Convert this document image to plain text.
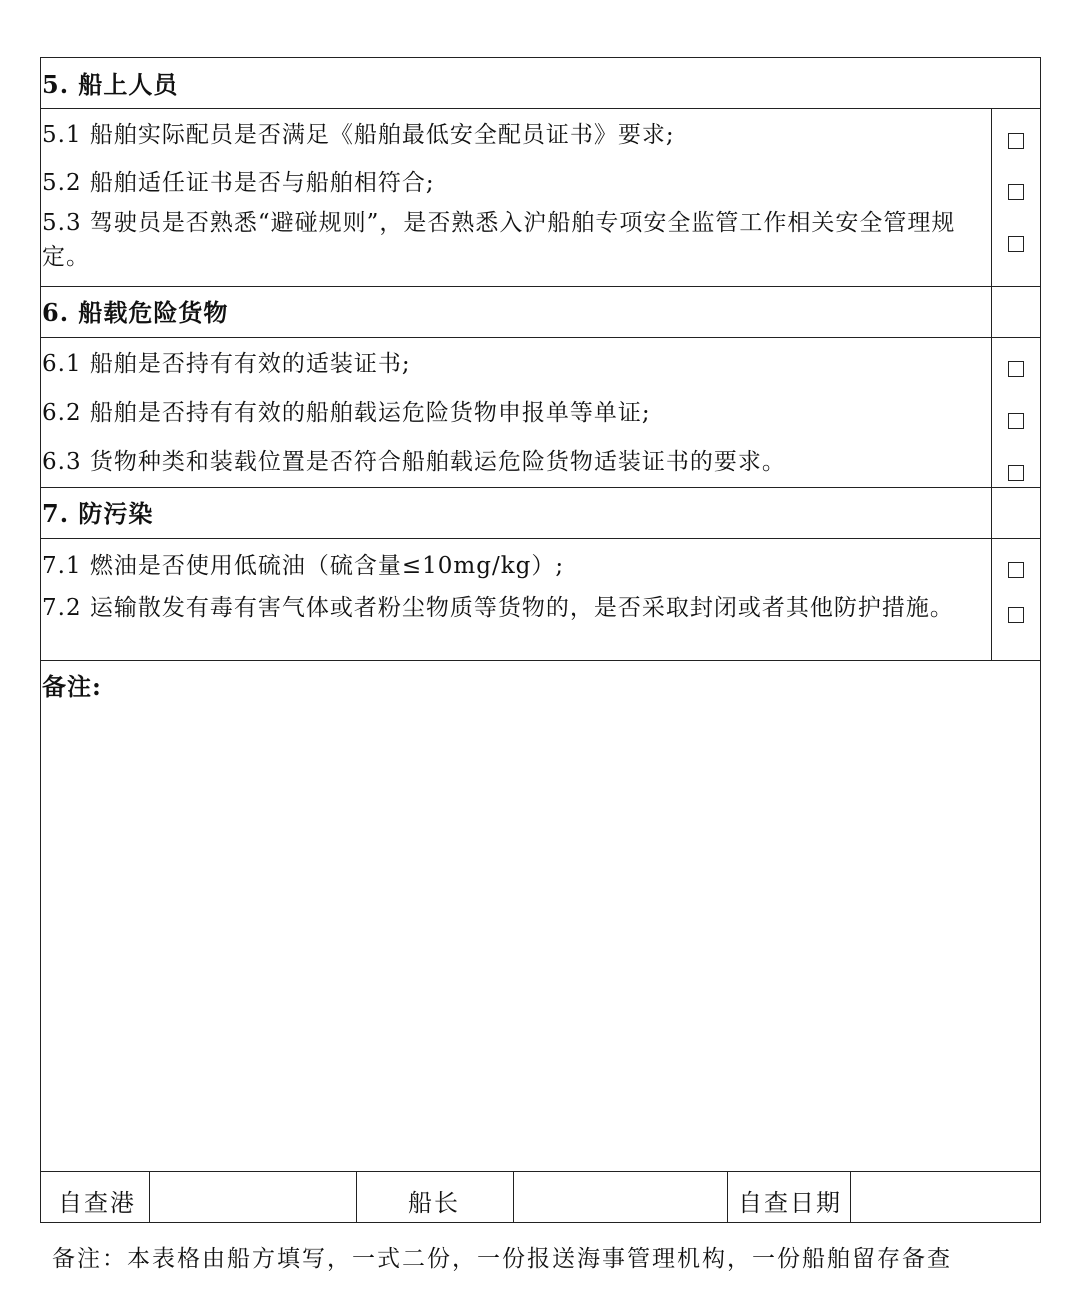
5. 船上人员
5.1 船舶实际配员是否满足《船舶最低安全配员证书》要求;
5.2 船舶适任证书是否与船舶相符合;
5.3 驾驶员是否熟悉“避碰规则”，是否熟悉入沪船舶专项安全监管工作相关安全管理规定。
6. 船载危险货物
6.1 船舶是否持有有效的适装证书;
6.2 船舶是否持有有效的船舶载运危险货物申报单等单证;
6.3 货物种类和装载位置是否符合船舶载运危险货物适装证书的要求。
7. 防污染
7.1 燃油是否使用低硫油（硫含量≤10mg/kg）;
7.2 运输散发有毒有害气体或者粉尘物质等货物的，是否采取封闭或者其他防护措施。
备注:
自查港	船长	自查日期
备注：本表格由船方填写，一式二份，一份报送海事管理机构，一份船舶留存备查
